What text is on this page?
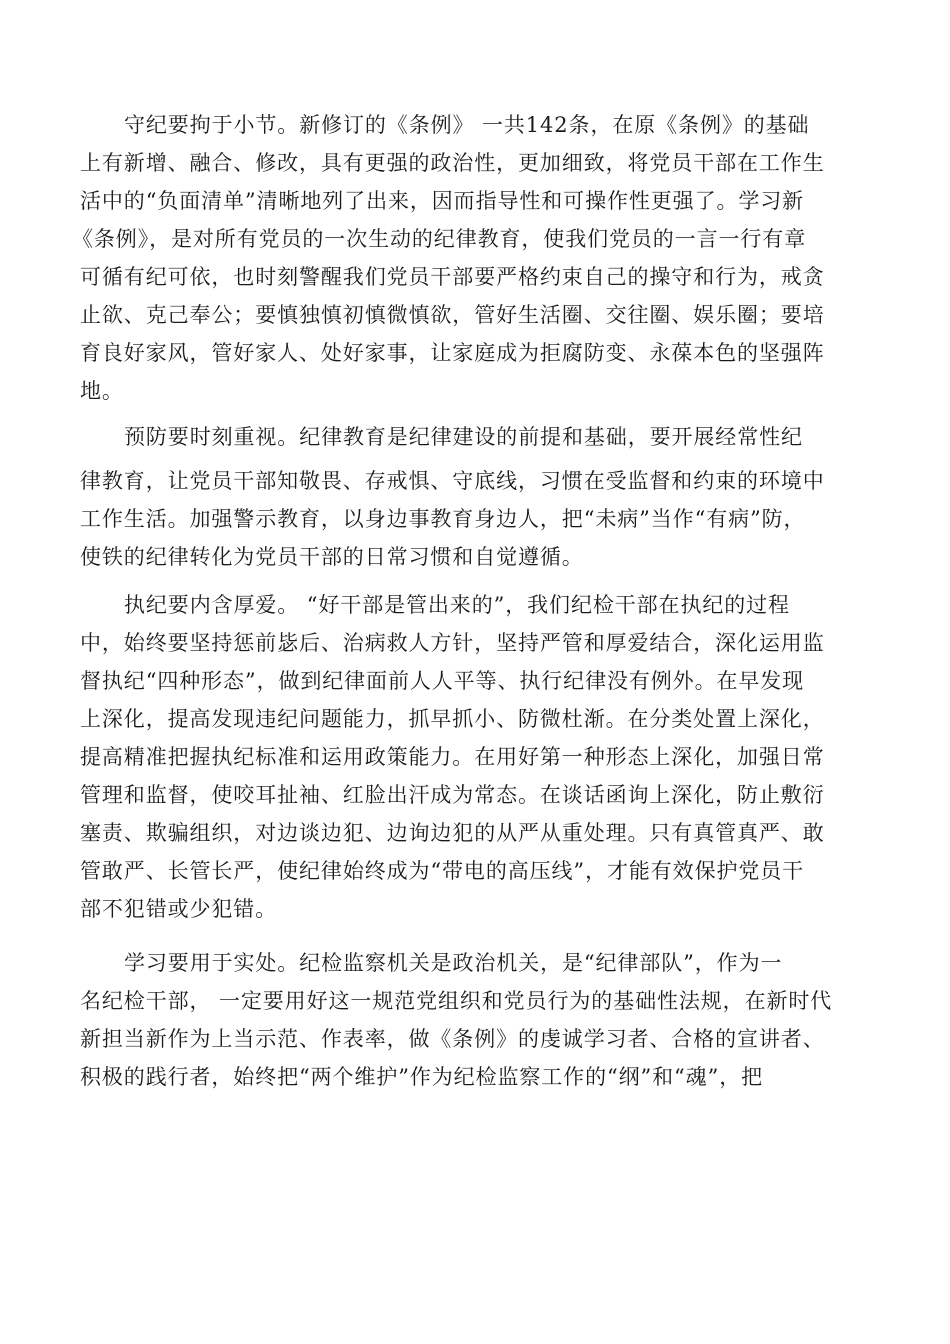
守纪要拘于小节。新修订的《条例》 一共142条，在原《条例》的基础
上有新增、融合、修改，具有更强的政治性，更加细致，将党员干部在工作生
活中的“负面清单”清晰地列了出来，因而指导性和可操作性更强了。学习新
《条例》，是对所有党员的一次生动的纪律教育，使我们党员的一言一行有章
可循有纪可依，也时刻警醒我们党员干部要严格约束自己的操守和行为，戒贪
止欲、克己奉公；要慎独慎初慎微慎欲，管好生活圈、交往圈、娱乐圈；要培
育良好家风，管好家人、处好家事，让家庭成为拒腐防变、永葆本色的坚强阵
地。
预防要时刻重视。纪律教育是纪律建设的前提和基础，要开展经常性纪
律教育，让党员干部知敬畏、存戒惧、守底线，习惯在受监督和约束的环境中
工作生活。加强警示教育，以身边事教育身边人，把“未病”当作“有病”防，
使铁的纪律转化为党员干部的日常习惯和自觉遵循。
执纪要内含厚爱。 “好干部是管出来的”，我们纪检干部在执纪的过程
中，始终要坚持惩前毖后、治病救人方针，坚持严管和厚爱结合，深化运用监
督执纪“四种形态”，做到纪律面前人人平等、执行纪律没有例外。在早发现
上深化，提高发现违纪问题能力，抓早抓小、防微杜渐。在分类处置上深化，
提高精准把握执纪标准和运用政策能力。在用好第一种形态上深化，加强日常
管理和监督，使咬耳扯袖、红脸出汗成为常态。在谈话函询上深化，防止敷衍
塞责、欺骗组织，对边谈边犯、边询边犯的从严从重处理。只有真管真严、敢
管敢严、长管长严，使纪律始终成为“带电的高压线”，才能有效保护党员干
部不犯错或少犯错。
学习要用于实处。纪检监察机关是政治机关，是“纪律部队”，作为一
名纪检干部， 一定要用好这一规范党组织和党员行为的基础性法规，在新时代
新担当新作为上当示范、作表率，做《条例》的虔诚学习者、合格的宣讲者、
积极的践行者，始终把“两个维护”作为纪检监察工作的“纲”和“魂”，把
